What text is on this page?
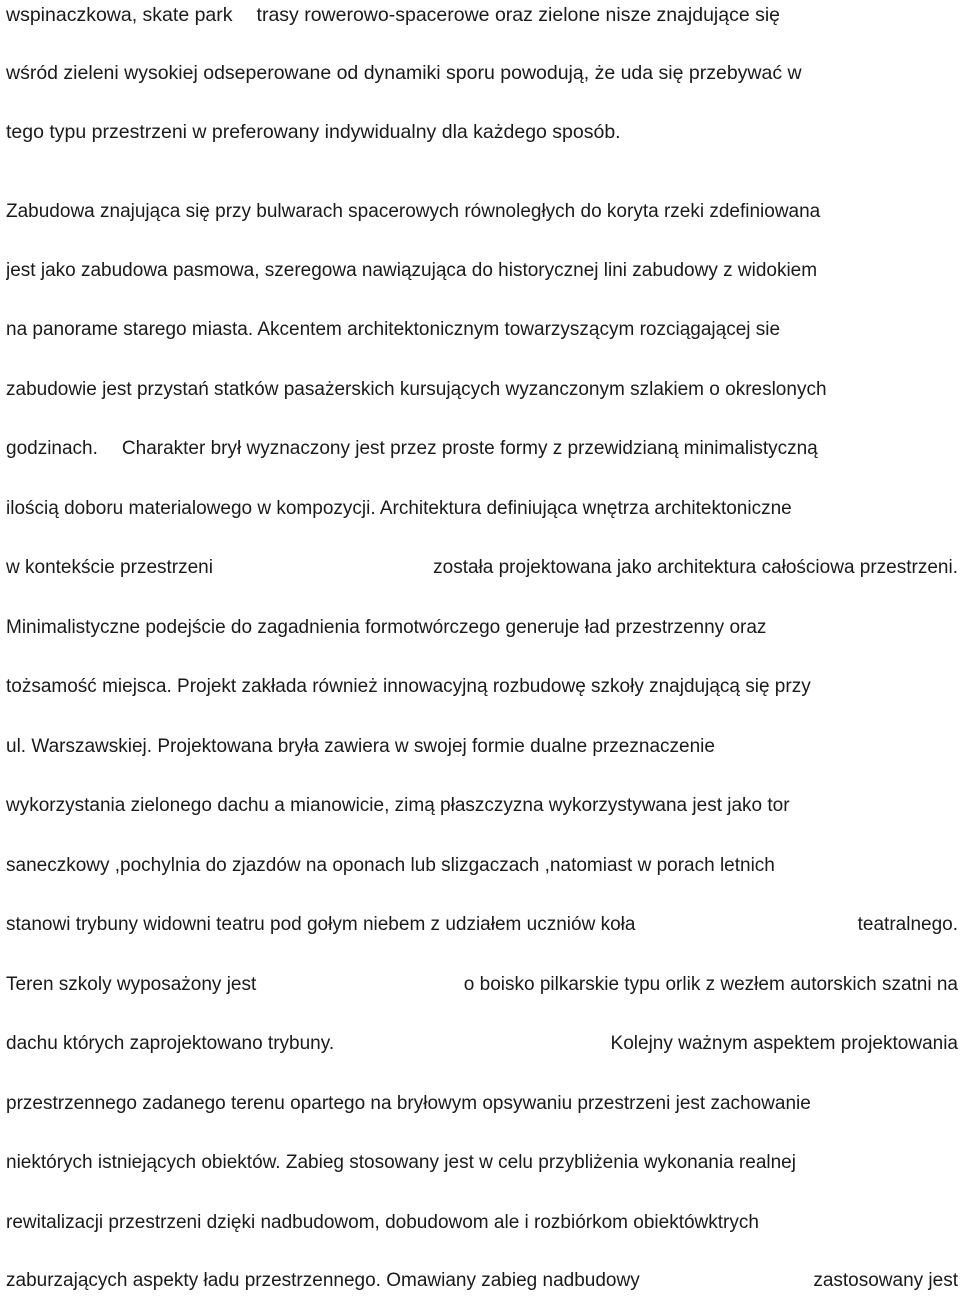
wspinaczkowa, skate park trasy rowerowo-spacerowe oraz zielone nisze znajdujące się
wśród zieleni wysokiej odseperowane od dynamiki sporu powodują, że uda się przebywać w
tego typu przestrzeni w preferowany indywidualny dla każdego sposób.
Zabudowa znajująca się przy bulwarach spacerowych równoległych do koryta rzeki zdefiniowana
jest jako zabudowa pasmowa, szeregowa nawiązująca do historycznej lini zabudowy z widokiem
na panorame starego miasta. Akcentem architektonicznym towarzyszącym rozciągającej sie
zabudowie jest przystań statków pasażerskich kursujących wyzanczonym szlakiem o okreslonych
godzinach. Charakter brył wyznaczony jest przez proste formy z przewidzianą minimalistyczną
ilością doboru materialowego w kompozycji. Architektura definiująca wnętrza architektoniczne
w kontekście przestrzeni	została projektowana jako architektura całościowa przestrzeni.
Minimalistyczne podejście do zagadnienia formotwórczego generuje ład przestrzenny oraz
tożsamość miejsca. Projekt zakłada również innowacyjną rozbudowę szkoły znajdującą się przy
ul. Warszawskiej. Projektowana bryła zawiera w swojej formie dualne przeznaczenie
wykorzystania zielonego dachu a mianowicie, zimą płaszczyzna wykorzystywana jest jako tor
saneczkowy ,pochylnia do zjazdów na oponach lub slizgaczach ,natomiast w porach letnich
stanowi trybuny widowni teatru pod gołym niebem z udziałem uczniów koła	teatralnego.
Teren szkoly wyposażony jest	o boisko pilkarskie typu orlik z wezłem autorskich szatni na
dachu których zaprojektowano trybuny.	Kolejny ważnym aspektem projektowania
przestrzennego zadanego terenu opartego na bryłowym opsywaniu przestrzeni jest zachowanie
niektórych istniejących obiektów. Zabieg stosowany jest w celu przybliżenia wykonania realnej
rewitalizacji przestrzeni dzięki nadbudowom, dobudowom ale i rozbiórkom obiektówktrych
zaburzających aspekty ładu przestrzennego. Omawiany zabieg nadbudowy	zastosowany jest
